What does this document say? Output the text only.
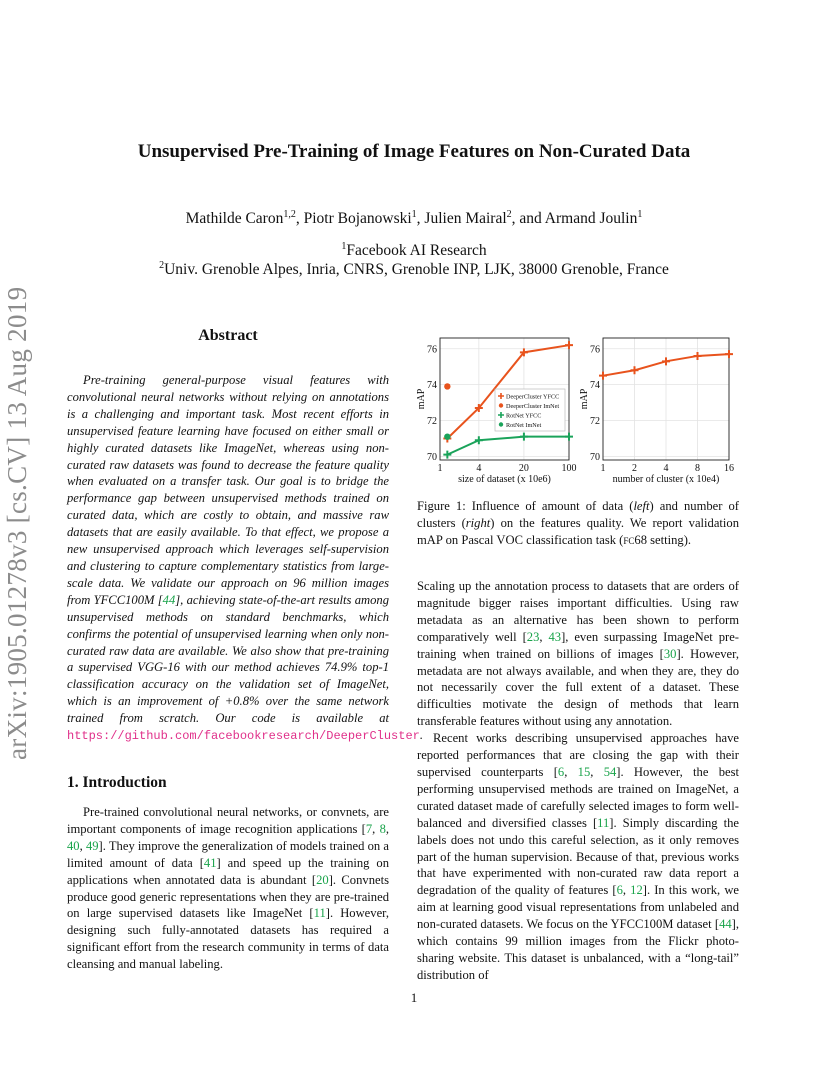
arXiv:1905.01278v3 [cs.CV] 13 Aug 2019
Unsupervised Pre-Training of Image Features on Non-Curated Data
Mathilde Caron$^{1,2}$, Piotr Bojanowski$^1$, Julien Mairal$^2$, and Armand Joulin$^1$
$^1$Facebook AI Research
$^2$Univ. Grenoble Alpes, Inria, CNRS, Grenoble INP, LJK, 38000 Grenoble, France
Abstract
Pre-training general-purpose visual features with convolutional neural networks without relying on annotations is a challenging and important task. Most recent efforts in unsupervised feature learning have focused on either small or highly curated datasets like ImageNet, whereas using non-curated raw datasets was found to decrease the feature quality when evaluated on a transfer task. Our goal is to bridge the performance gap between unsupervised methods trained on curated data, which are costly to obtain, and massive raw datasets that are easily available. To that effect, we propose a new unsupervised approach which leverages self-supervision and clustering to capture complementary statistics from large-scale data. We validate our approach on 96 million images from YFCC100M [44], achieving state-of-the-art results among unsupervised methods on standard benchmarks, which confirms the potential of unsupervised learning when only non-curated raw data are available. We also show that pre-training a supervised VGG-16 with our method achieves 74.9% top-1 classification accuracy on the validation set of ImageNet, which is an improvement of +0.8% over the same network trained from scratch. Our code is available at https://github.com/facebookresearch/DeeperCluster.
1. Introduction
Pre-trained convolutional neural networks, or convnets, are important components of image recognition applications [7, 8, 40, 49]. They improve the generalization of models trained on a limited amount of data [41] and speed up the training on applications when annotated data is abundant [20]. Convnets produce good generic representations when they are pre-trained on large supervised datasets like ImageNet [11]. However, designing such fully-annotated datasets has required a significant effort from the research community in terms of data cleansing and manual labeling.
70
72
74
76
1	4	20	100
size of dataset (x 10e6)
mAP	DeeperCluster YFCC
DeeperCluster ImNet
RotNet YFCC
RotNet ImNet
70
72
74
76
1	2	4	8 16
number of cluster (x 10e4)
mAP
Figure 1: Influence of amount of data (left) and number of clusters (right) on the features quality. We report validation mAP on Pascal VOC classification task (fc68 setting).

Scaling up the annotation process to datasets that are orders of magnitude bigger raises important difficulties. Using raw metadata as an alternative has been shown to perform comparatively well [23, 43], even surpassing ImageNet pre-training when trained on billions of images [30]. However, metadata are not always available, and when they are, they do not necessarily cover the full extent of a dataset. These difficulties motivate the design of methods that learn transferable features without using any annotation.

Recent works describing unsupervised approaches have reported performances that are closing the gap with their supervised counterparts [6, 15, 54]. However, the best performing unsupervised methods are trained on ImageNet, a curated dataset made of carefully selected images to form well-balanced and diversified classes [11]. Simply discarding the labels does not undo this careful selection, as it only removes part of the human supervision. Because of that, previous works that have experimented with non-curated raw data report a degradation of the quality of features [6, 12]. In this work, we aim at learning good visual representations from unlabeled and non-curated datasets. We focus on the YFCC100M dataset [44], which contains 99 million images from the Flickr photo-sharing website. This dataset is unbalanced, with a “long-tail” distribution of

1
